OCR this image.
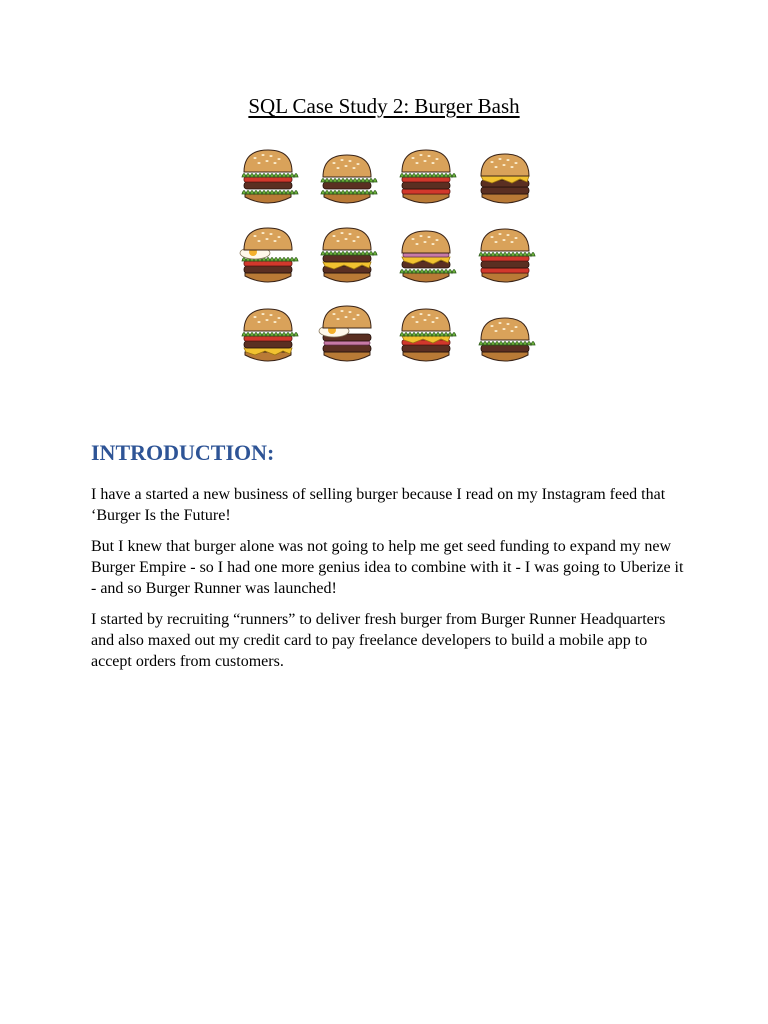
SQL Case Study 2: Burger Bash
INTRODUCTION:

I have a started a new business of selling burger because I read on my Instagram feed that ‘Burger Is the Future!

But I knew that burger alone was not going to help me get seed funding to expand my new Burger Empire - so I had one more genius idea to combine with it - I was going to Uberize it - and so Burger Runner was launched!

I started by recruiting “runners” to deliver fresh burger from Burger Runner Headquarters and also maxed out my credit card to pay freelance developers to build a mobile app to accept orders from customers.
